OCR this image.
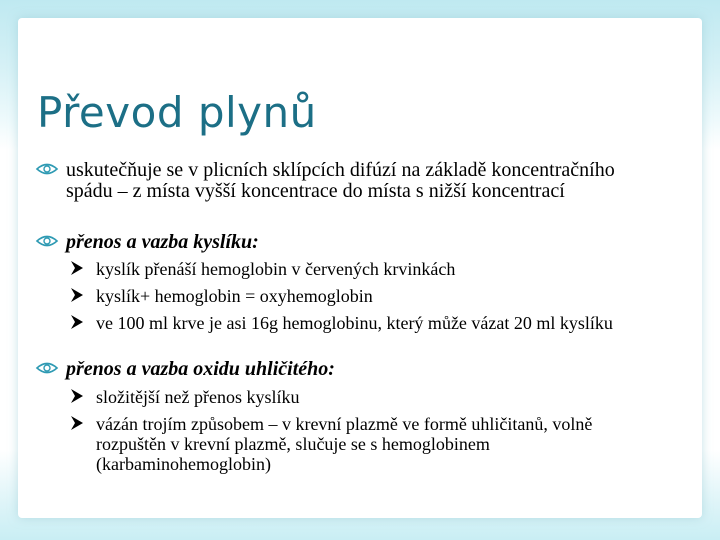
Převod plynů
uskutečňuje se v plicních sklípcích difúzí na základě koncentračního spádu – z místa vyšší koncentrace do místa s nižší koncentrací
přenos a vazba kyslíku:
kyslík přenáší hemoglobin v červených krvinkách
kyslík+ hemoglobin = oxyhemoglobin
ve 100 ml krve je asi 16g hemoglobinu, který může vázat 20 ml kyslíku
přenos a vazba oxidu uhličitého:
složitější než přenos kyslíku
vázán trojím způsobem – v krevní plazmě ve formě uhličitanů, volně rozpuštěn v krevní plazmě, slučuje se s hemoglobinem (karbaminohemoglobin)
